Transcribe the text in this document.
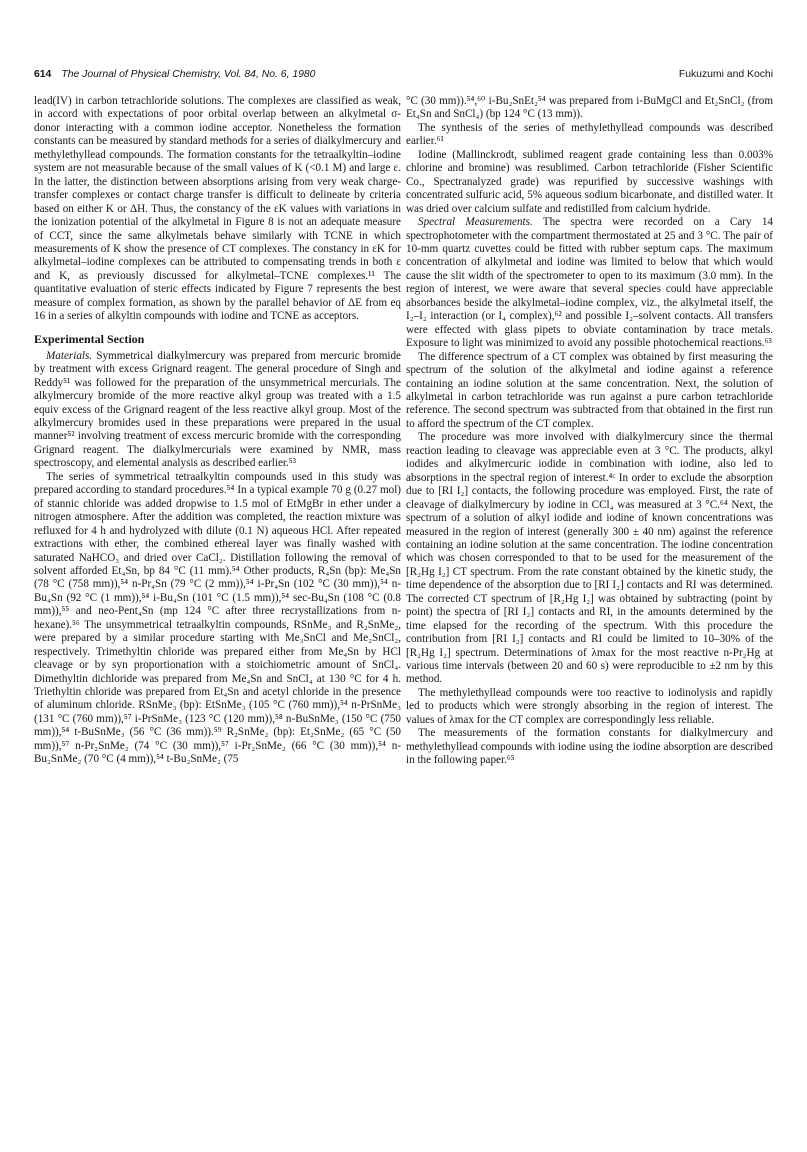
614 The Journal of Physical Chemistry, Vol. 84, No. 6, 1980	Fukuzumi and Kochi

lead(IV) in carbon tetrachloride solutions. The complexes are classified as weak, in accord with expectations of poor orbital overlap between an alkylmetal σ-donor interacting with a common iodine acceptor. Nonetheless the formation constants can be measured by standard methods for a series of dialkylmercury and methylethyllead compounds. The formation constants for the tetraalkyltin–iodine system are not measurable because of the small values of K (<0.1 M) and large ε. In the latter, the distinction between absorptions arising from very weak charge-transfer complexes or contact charge transfer is difficult to delineate by criteria based on either K or ΔH. Thus, the constancy of the εK values with variations in the ionization potential of the alkylmetal in Figure 8 is not an adequate measure of CCT, since the same alkylmetals behave similarly with TCNE in which measurements of K show the presence of CT complexes. The constancy in εK for alkylmetal–iodine complexes can be attributed to compensating trends in both ε and K, as previously discussed for alkylmetal–TCNE complexes.¹¹ The quantitative evaluation of steric effects indicated by Figure 7 represents the best measure of complex formation, as shown by the parallel behavior of ΔE from eq 16 in a series of alkyltin compounds with iodine and TCNE as acceptors.

Experimental Section

Materials. Symmetrical dialkylmercury was prepared from mercuric bromide by treatment with excess Grignard reagent. The general procedure of Singh and Reddy⁵¹ was followed for the preparation of the unsymmetrical mercurials. The alkylmercury bromide of the more reactive alkyl group was treated with a 1.5 equiv excess of the Grignard reagent of the less reactive alkyl group. Most of the alkylmercury bromides used in these preparations were prepared in the usual manner⁵² involving treatment of excess mercuric bromide with the corresponding Grignard reagent. The dialkylmercurials were examined by NMR, mass spectroscopy, and elemental analysis as described earlier.⁵³

The series of symmetrical tetraalkyltin compounds used in this study was prepared according to standard procedures.⁵⁴ In a typical example 70 g (0.27 mol) of stannic chloride was added dropwise to 1.5 mol of EtMgBr in ether under a nitrogen atmosphere. After the addition was completed, the reaction mixture was refluxed for 4 h and hydrolyzed with dilute (0.1 N) aqueous HCl. After repeated extractions with ether, the combined ethereal layer was finally washed with saturated NaHCO₃ and dried over CaCl₂. Distillation following the removal of solvent afforded Et₄Sn, bp 84 °C (11 mm).⁵⁴ Other products, R₄Sn (bp): Me₄Sn (78 °C (758 mm)),⁵⁴ n-Pr₄Sn (79 °C (2 mm)),⁵⁴ i-Pr₄Sn (102 °C (30 mm)),⁵⁴ n-Bu₄Sn (92 °C (1 mm)),⁵⁴ i-Bu₄Sn (101 °C (1.5 mm)),⁵⁴ sec-Bu₄Sn (108 °C (0.8 mm)),⁵⁵ and neo-Pent₄Sn (mp 124 °C after three recrystallizations from n-hexane).⁵⁶ The unsymmetrical tetraalkyltin compounds, RSnMe₃ and R₂SnMe₂, were prepared by a similar procedure starting with Me₃SnCl and Me₂SnCl₂, respectively. Trimethyltin chloride was prepared either from Me₄Sn by HCl cleavage or by syn proportionation with a stoichiometric amount of SnCl₄. Dimethyltin dichloride was prepared from Me₄Sn and SnCl₄ at 130 °C for 4 h. Triethyltin chloride was prepared from Et₄Sn and acetyl chloride in the presence of aluminum chloride. RSnMe₃ (bp): EtSnMe₃ (105 °C (760 mm)),⁵⁴ n-PrSnMe₃ (131 °C (760 mm)),⁵⁷ i-PrSnMe₃ (123 °C (120 mm)),⁵⁸ n-BuSnMe₃ (150 °C (750 mm)),⁵⁴ t-BuSnMe₃ (56 °C (36 mm)).⁵⁹ R₂SnMe₂ (bp): Et₂SnMe₂ (65 °C (50 mm)),⁵⁷ n-Pr₂SnMe₂ (74 °C (30 mm)),⁵⁷ i-Pr₂SnMe₂ (66 °C (30 mm)),⁵⁴ n-Bu₂SnMe₂ (70 °C (4 mm)),⁵⁴ t-Bu₂SnMe₂ (75

°C (30 mm)).⁵⁴,⁶⁰ i-Bu₂SnEt₂⁵⁴ was prepared from i-BuMgCl and Et₂SnCl₂ (from Et₄Sn and SnCl₄) (bp 124 °C (13 mm)).

The synthesis of the series of methylethyllead compounds was described earlier.⁶¹

Iodine (Mallinckrodt, sublimed reagent grade containing less than 0.003% chlorine and bromine) was resublimed. Carbon tetrachloride (Fisher Scientific Co., Spectranalyzed grade) was repurified by successive washings with concentrated sulfuric acid, 5% aqueous sodium bicarbonate, and distilled water. It was dried over calcium sulfate and redistilled from calcium hydride.

Spectral Measurements. The spectra were recorded on a Cary 14 spectrophotometer with the compartment thermostated at 25 and 3 °C. The pair of 10-mm quartz cuvettes could be fitted with rubber septum caps. The maximum concentration of alkylmetal and iodine was limited to below that which would cause the slit width of the spectrometer to open to its maximum (3.0 mm). In the region of interest, we were aware that several species could have appreciable absorbances beside the alkylmetal–iodine complex, viz., the alkylmetal itself, the I₂–I₂ interaction (or I₄ complex),⁶² and possible I₂–solvent contacts. All transfers were effected with glass pipets to obviate contamination by trace metals. Exposure to light was minimized to avoid any possible photochemical reactions.⁶³

The difference spectrum of a CT complex was obtained by first measuring the spectrum of the solution of the alkylmetal and iodine against a reference containing an iodine solution at the same concentration. Next, the solution of alkylmetal in carbon tetrachloride was run against a pure carbon tetrachloride reference. The second spectrum was subtracted from that obtained in the first run to afford the spectrum of the CT complex.

The procedure was more involved with dialkylmercury since the thermal reaction leading to cleavage was appreciable even at 3 °C. The products, alkyl iodides and alkylmercuric iodide in combination with iodine, also led to absorptions in the spectral region of interest.⁴ᶜ In order to exclude the absorption due to [RI I₂] contacts, the following procedure was employed. First, the rate of cleavage of dialkylmercury by iodine in CCl₄ was measured at 3 °C.⁶⁴ Next, the spectrum of a solution of alkyl iodide and iodine of known concentrations was measured in the region of interest (generally 300 ± 40 nm) against the reference containing an iodine solution at the same concentration. The iodine concentration which was chosen corresponded to that to be used for the measurement of the [R₂Hg I₂] CT spectrum. From the rate constant obtained by the kinetic study, the time dependence of the absorption due to [RI I₂] contacts and RI was determined. The corrected CT spectrum of [R₂Hg I₂] was obtained by subtracting (point by point) the spectra of [RI I₂] contacts and RI, in the amounts determined by the time elapsed for the recording of the spectrum. With this procedure the contribution from [RI I₂] contacts and RI could be limited to 10–30% of the [R₂Hg I₂] spectrum. Determinations of λmax for the most reactive n-Pr₂Hg at various time intervals (between 20 and 60 s) were reproducible to ±2 nm by this method.

The methylethyllead compounds were too reactive to iodinolysis and rapidly led to products which were strongly absorbing in the region of interest. The values of λmax for the CT complex are correspondingly less reliable.

The measurements of the formation constants for dialkylmercury and methylethyllead compounds with iodine using the iodine absorption are described in the following paper.⁶⁵
